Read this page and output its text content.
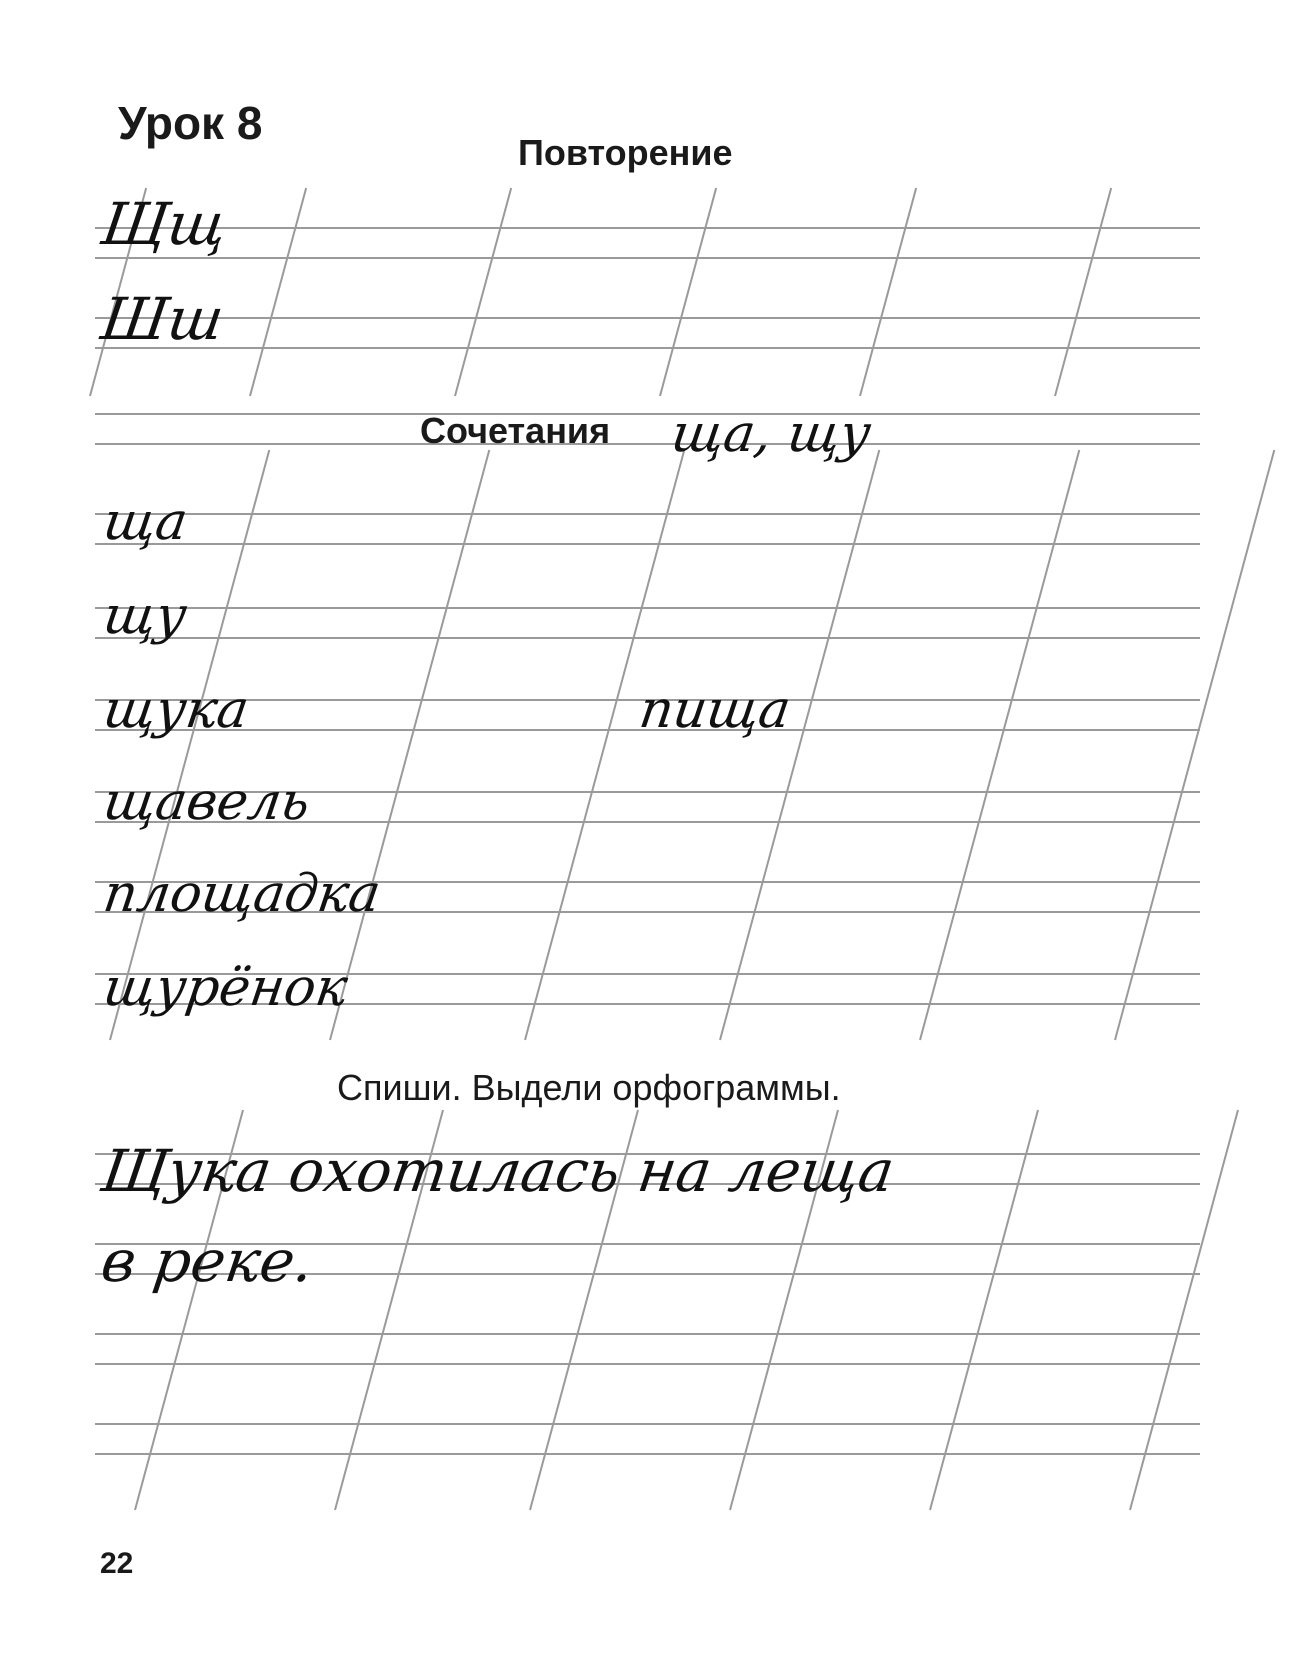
Урок 8
Повторение
Щщ
Шш
Сочетания ща, щу
ща
щу
щука	пища
щавель
площадка
щурёнок
Спиши. Выдели орфограммы.
Щука охотилась на леща
в реке.
22
